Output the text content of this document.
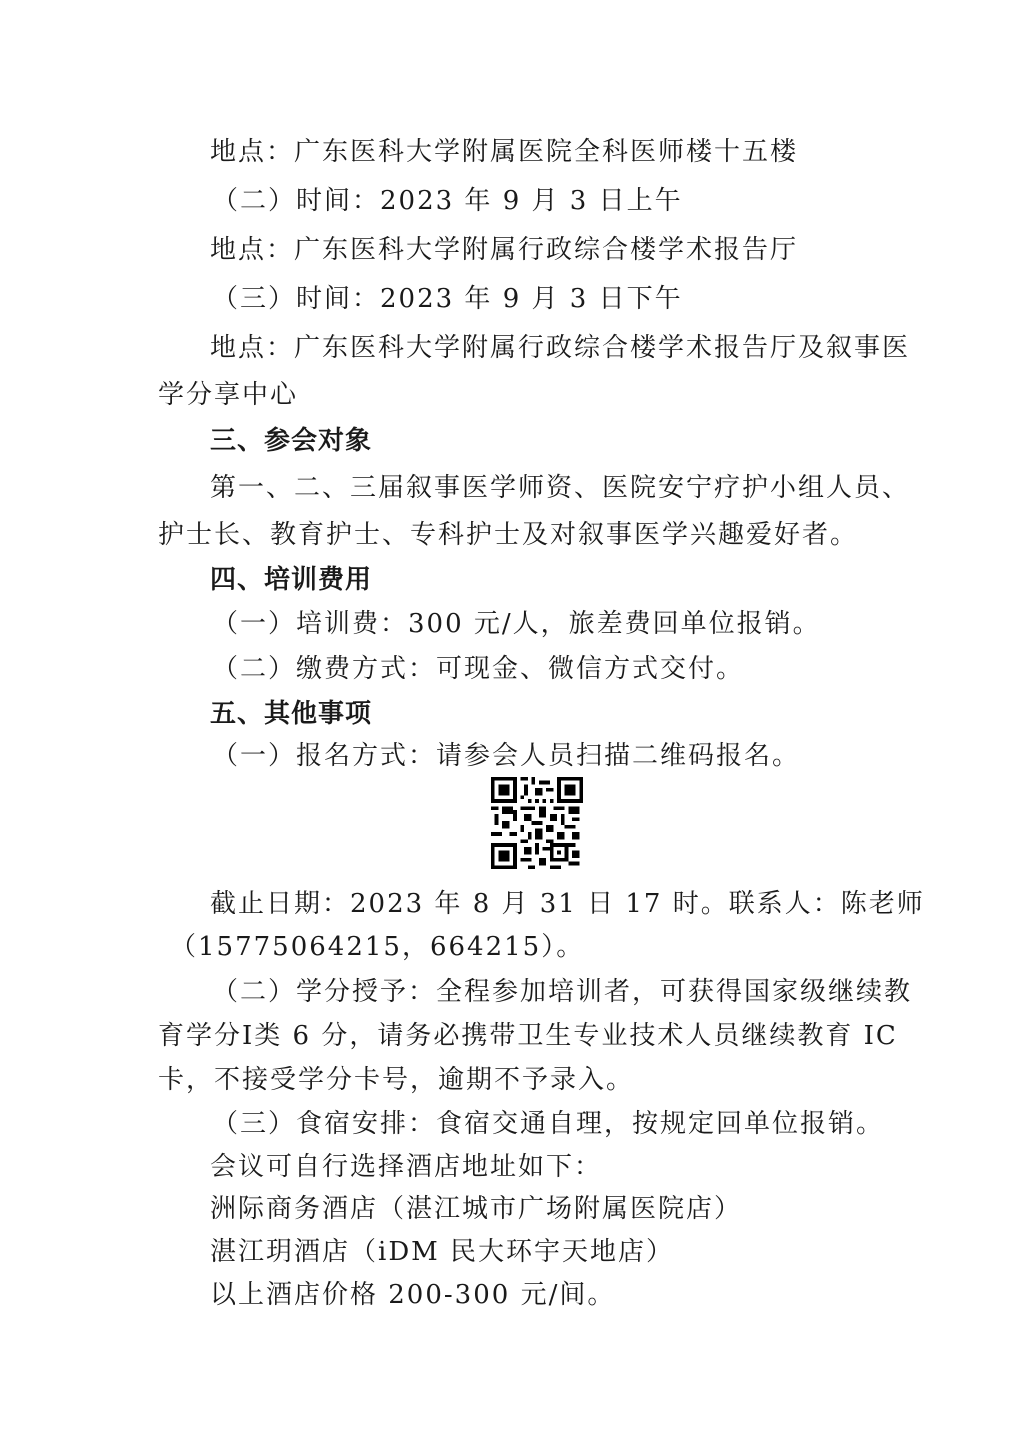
地点：广东医科大学附属医院全科医师楼十五楼
（二）时间：2023 年 9 月 3 日上午
地点：广东医科大学附属行政综合楼学术报告厅
（三）时间：2023 年 9 月 3 日下午
地点：广东医科大学附属行政综合楼学术报告厅及叙事医
学分享中心
三、参会对象
第一、二、三届叙事医学师资、医院安宁疗护小组人员、
护士长、教育护士、专科护士及对叙事医学兴趣爱好者。
四、培训费用
（一）培训费：300 元/人，旅差费回单位报销。
（二）缴费方式：可现金、微信方式交付。
五、其他事项
（一）报名方式：请参会人员扫描二维码报名。
截止日期：2023 年 8 月 31 日 17 时。联系人：陈老师
（15775064215，664215）。
（二）学分授予：全程参加培训者，可获得国家级继续教
育学分Ⅰ类 6 分，请务必携带卫生专业技术人员继续教育 IC
卡，不接受学分卡号，逾期不予录入。
（三）食宿安排：食宿交通自理，按规定回单位报销。
会议可自行选择酒店地址如下：
洲际商务酒店（湛江城市广场附属医院店）
湛江玥酒店（iDM 民大环宇天地店）
以上酒店价格 200-300 元/间。
